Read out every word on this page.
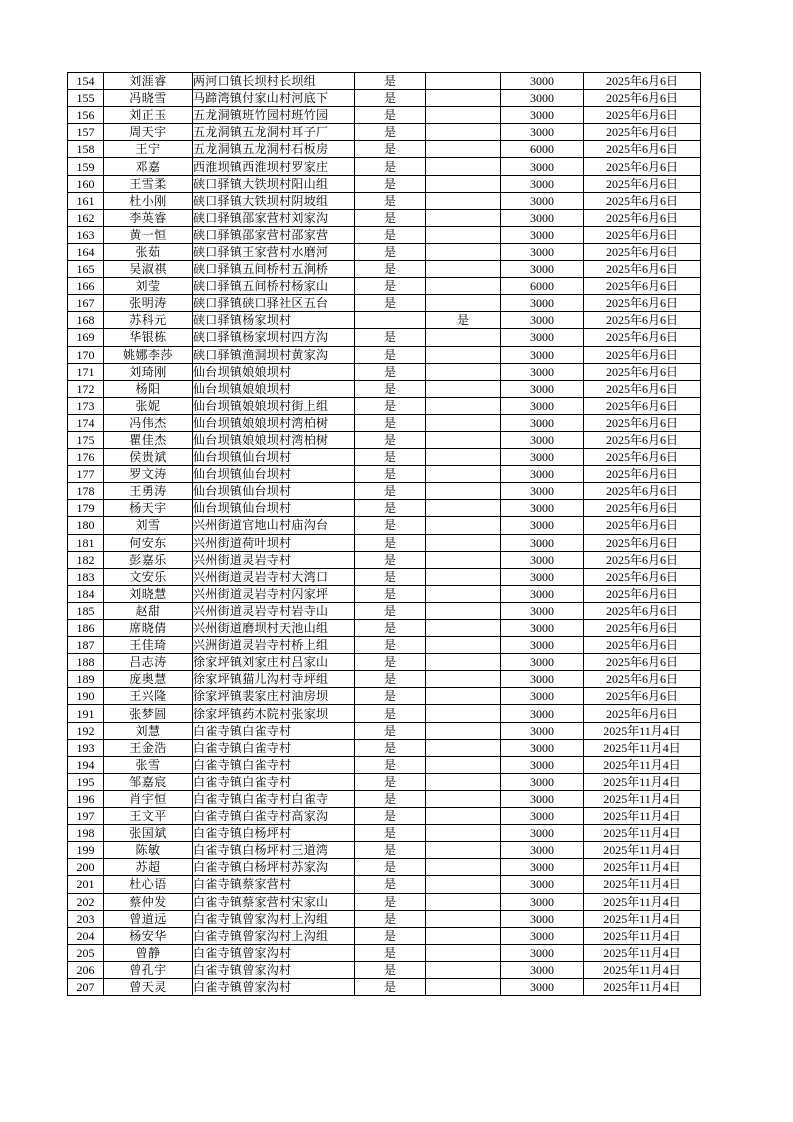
154	刘涯睿	两河口镇长坝村长坝组	是		3000	2025年6月6日
155	冯晓雪	马蹄湾镇付家山村河底下	是		3000	2025年6月6日
156	刘正玉	五龙洞镇班竹园村班竹园	是		3000	2025年6月6日
157	周天宇	五龙洞镇五龙洞村耳子厂	是		3000	2025年6月6日
158	王宁	五龙洞镇五龙洞村石板房	是		6000	2025年6月6日
159	邓嘉	西淮坝镇西淮坝村罗家庄	是		3000	2025年6月6日
160	王雪柔	硖口驿镇大铁坝村阳山组	是		3000	2025年6月6日
161	杜小刚	硖口驿镇大铁坝村阴坡组	是		3000	2025年6月6日
162	李英睿	硖口驿镇邵家营村刘家沟	是		3000	2025年6月6日
163	黄一恒	硖口驿镇邵家营村邵家营	是		3000	2025年6月6日
164	张茹	硖口驿镇王家营村水磨河	是		3000	2025年6月6日
165	吴淑祺	硖口驿镇五间桥村五涧桥	是		3000	2025年6月6日
166	刘莹	硖口驿镇五间桥村杨家山	是		6000	2025年6月6日
167	张明涛	硖口驿镇硖口驿社区五台	是		3000	2025年6月6日
168	苏科元	硖口驿镇杨家坝村		是	3000	2025年6月6日
169	华银栋	硖口驿镇杨家坝村四方沟	是		3000	2025年6月6日
170	姚娜李莎	硖口驿镇渔洞坝村黄家沟	是		3000	2025年6月6日
171	刘琦刚	仙台坝镇娘娘坝村	是		3000	2025年6月6日
172	杨阳	仙台坝镇娘娘坝村	是		3000	2025年6月6日
173	张妮	仙台坝镇娘娘坝村街上组	是		3000	2025年6月6日
174	冯伟杰	仙台坝镇娘娘坝村湾柏树	是		3000	2025年6月6日
175	瞿佳杰	仙台坝镇娘娘坝村湾柏树	是		3000	2025年6月6日
176	侯贵斌	仙台坝镇仙台坝村	是		3000	2025年6月6日
177	罗文涛	仙台坝镇仙台坝村	是		3000	2025年6月6日
178	王勇涛	仙台坝镇仙台坝村	是		3000	2025年6月6日
179	杨天宇	仙台坝镇仙台坝村	是		3000	2025年6月6日
180	刘雪	兴州街道官地山村庙沟台	是		3000	2025年6月6日
181	何安东	兴州街道荷叶坝村	是		3000	2025年6月6日
182	彭嘉乐	兴州街道灵岩寺村	是		3000	2025年6月6日
183	文安乐	兴州街道灵岩寺村大湾口	是		3000	2025年6月6日
184	刘晓慧	兴州街道灵岩寺村闪家坪	是		3000	2025年6月6日
185	赵甜	兴州街道灵岩寺村岩寺山	是		3000	2025年6月6日
186	席晓倩	兴州街道磨坝村天池山组	是		3000	2025年6月6日
187	王佳琦	兴洲街道灵岩寺村桥上组	是		3000	2025年6月6日
188	吕志涛	徐家坪镇刘家庄村吕家山	是		3000	2025年6月6日
189	庞奥慧	徐家坪镇猫儿沟村寺坪组	是		3000	2025年6月6日
190	王兴隆	徐家坪镇裴家庄村油房坝	是		3000	2025年6月6日
191	张梦圆	徐家坪镇药木院村张家坝	是		3000	2025年6月6日
192	刘慧	白雀寺镇白雀寺村	是		3000	2025年11月4日
193	王金浩	白雀寺镇白雀寺村	是		3000	2025年11月4日
194	张雪	白雀寺镇白雀寺村	是		3000	2025年11月4日
195	邹嘉宸	白雀寺镇白雀寺村	是		3000	2025年11月4日
196	肖宇恒	白雀寺镇白雀寺村白雀寺	是		3000	2025年11月4日
197	王文平	白雀寺镇白雀寺村高家沟	是		3000	2025年11月4日
198	张国斌	白雀寺镇白杨坪村	是		3000	2025年11月4日
199	陈敏	白雀寺镇白杨坪村三道湾	是		3000	2025年11月4日
200	苏超	白雀寺镇白杨坪村苏家沟	是		3000	2025年11月4日
201	杜心语	白雀寺镇蔡家营村	是		3000	2025年11月4日
202	蔡仲发	白雀寺镇蔡家营村宋家山	是		3000	2025年11月4日
203	曾道远	白雀寺镇曾家沟村上沟组	是		3000	2025年11月4日
204	杨安华	白雀寺镇曾家沟村上沟组	是		3000	2025年11月4日
205	曾静	白雀寺镇曾家沟村	是		3000	2025年11月4日
206	曾孔宇	白雀寺镇曾家沟村	是		3000	2025年11月4日
207	曾天灵	白雀寺镇曾家沟村	是		3000	2025年11月4日
